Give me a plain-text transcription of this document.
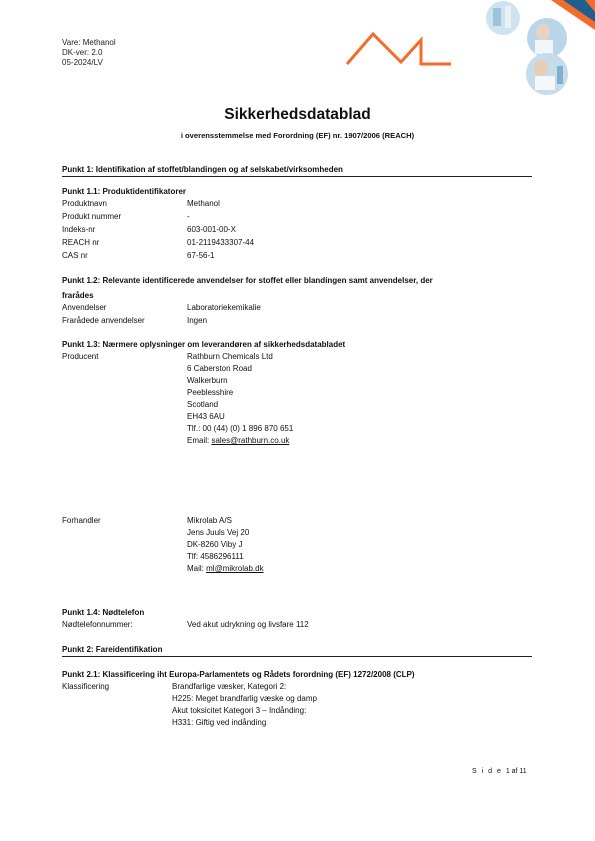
Vare: Methanol
DK-ver: 2.0
05-2024/LV
Sikkerhedsdatablad
i overensstemmelse med Forordning (EF) nr. 1907/2006 (REACH)
Punkt 1: Identifikation af stoffet/blandingen og af selskabet/virksomheden
Punkt 1.1: Produktidentifikatorer
Produktnavn	Methanol
Produkt nummer	-
Indeks-nr	603-001-00-X
REACH nr	01-2119433307-44
CAS nr	67-56-1
Punkt 1.2: Relevante identificerede anvendelser for stoffet eller blandingen samt anvendelser, der
frarådes
Anvendelser	Laboratoriekemikalie
Frarådede anvendelser	Ingen
Punkt 1.3: Nærmere oplysninger om leverandøren af sikkerhedsdatabladet
Producent	Rathburn Chemicals Ltd
6 Caberston Road
Walkerburn
Peeblesshire
Scotland
EH43 6AU
Tlf.: 00 (44) (0) 1 896 870 651
Email: sales@rathburn.co.uk
Forhandler	Mikrolab A/S
Jens Juuls Vej 20
DK-8260 Viby J
Tlf: 4586296111
Mail: ml@mikrolab.dk
Punkt 1.4: Nødtelefon
Nødtelefonnummer:	Ved akut udrykning og livsfare 112
Punkt 2: Fareidentifikation
Punkt 2.1: Klassificering iht Europa-Parlamentets og Rådets forordning (EF) 1272/2008 (CLP)
Klassificering	Brandfarlige væsker, Kategori 2:
H225: Meget brandfarlig væske og damp
Akut toksicitet Kategori 3 – Indånding:
H331: Giftig ved indånding
S i d e 1 af 11
